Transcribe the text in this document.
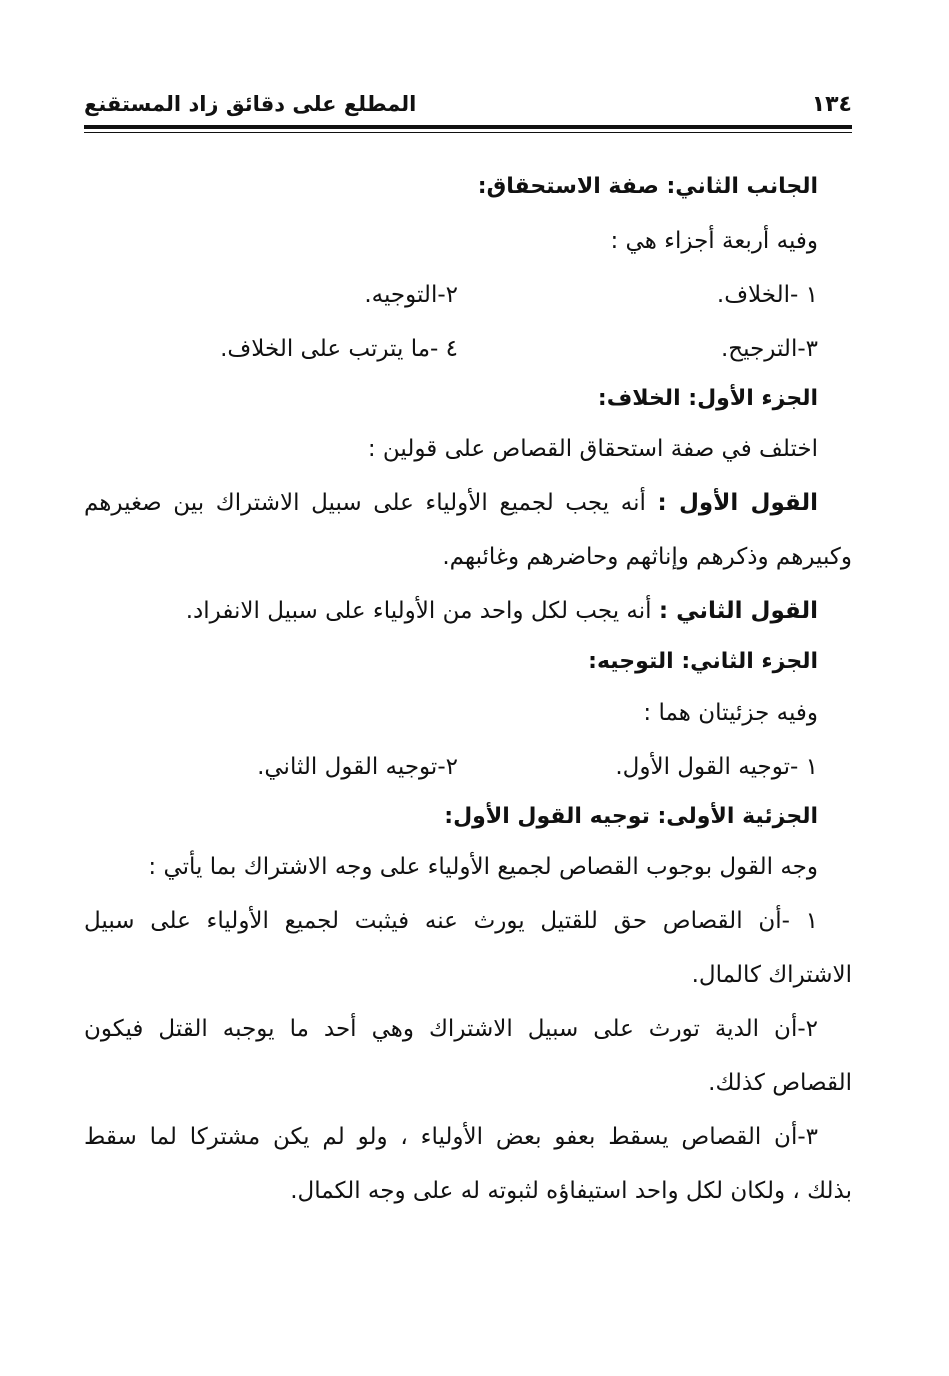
١٣٤
المطلع على دقائق زاد المستقنع
الجانب الثاني: صفة الاستحقاق:
وفيه أربعة أجزاء هي :
١ -الخلاف.
٢-التوجيه.
٣-الترجيح.
٤ -ما يترتب على الخلاف.
الجزء الأول: الخلاف:
اختلف في صفة استحقاق القصاص على قولين :
القول الأول : أنه يجب لجميع الأولياء على سبيل الاشتراك بين صغيرهم
وكبيرهم وذكرهم وإناثهم وحاضرهم وغائبهم.
القول الثاني : أنه يجب لكل واحد من الأولياء على سبيل الانفراد.
الجزء الثاني: التوجيه:
وفيه جزئيتان هما :
١ -توجيه القول الأول.
٢-توجيه القول الثاني.
الجزئية الأولى: توجيه القول الأول:
وجه القول بوجوب القصاص لجميع الأولياء على وجه الاشتراك بما يأتي :
١ -أن القصاص حق للقتيل يورث عنه فيثبت لجميع الأولياء على سبيل
الاشتراك كالمال.
٢-أن الدية تورث على سبيل الاشتراك وهي أحد ما يوجبه القتل فيكون
القصاص كذلك.
٣-أن القصاص يسقط بعفو بعض الأولياء ، ولو لم يكن مشتركا لما سقط
بذلك ، ولكان لكل واحد استيفاؤه لثبوته له على وجه الكمال.
